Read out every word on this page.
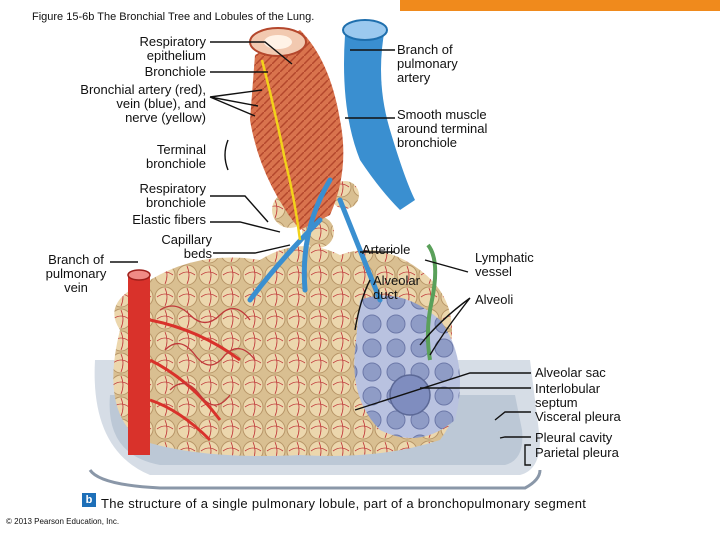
Figure 15-6b The Bronchial Tree and Lobules of the Lung.
Respiratory
epithelium
Bronchiole
Bronchial artery (red),
vein (blue), and
nerve (yellow)
Terminal
bronchiole
Respiratory
bronchiole
Elastic fibers
Capillary
beds
Branch of
pulmonary
vein
Branch of
pulmonary
artery
Smooth muscle
around terminal
bronchiole
Arteriole
Lymphatic
vessel
Alveolar
duct	Alveoli
Alveolar sac
Interlobular
septum
Visceral pleura
Pleural cavity
Parietal pleura
b The structure of a single pulmonary lobule, part of a bronchopulmonary segment
© 2013 Pearson Education, Inc.
